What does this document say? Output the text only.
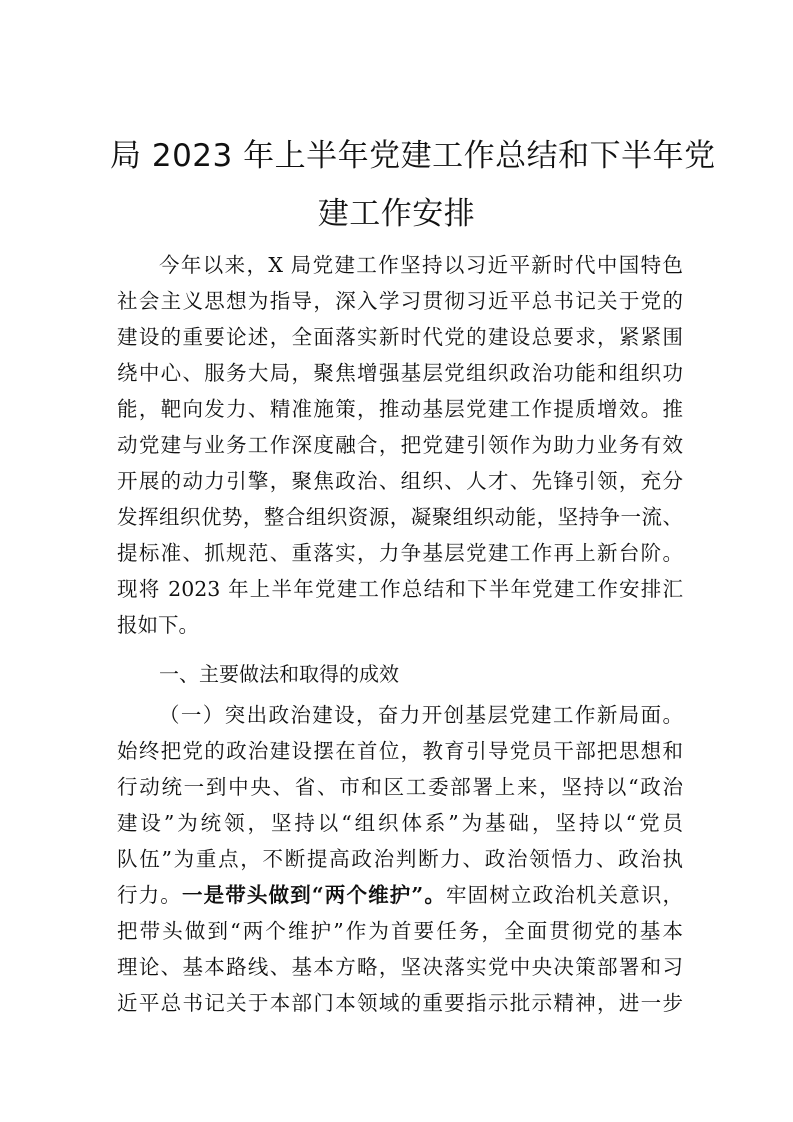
局 2023 年上半年党建工作总结和下半年党
建工作安排
今年以来，X 局党建工作坚持以习近平新时代中国特色
社会主义思想为指导，深入学习贯彻习近平总书记关于党的
建设的重要论述，全面落实新时代党的建设总要求，紧紧围
绕中心、服务大局，聚焦增强基层党组织政治功能和组织功
能，靶向发力、精准施策，推动基层党建工作提质增效。推
动党建与业务工作深度融合，把党建引领作为助力业务有效
开展的动力引擎，聚焦政治、组织、人才、先锋引领，充分
发挥组织优势，整合组织资源，凝聚组织动能，坚持争一流、
提标准、抓规范、重落实，力争基层党建工作再上新台阶。
现将 2023 年上半年党建工作总结和下半年党建工作安排汇
报如下。
一、主要做法和取得的成效
（一）突出政治建设，奋力开创基层党建工作新局面。
始终把党的政治建设摆在首位，教育引导党员干部把思想和
行动统一到中央、省、市和区工委部署上来，坚持以“政治
建设”为统领，坚持以“组织体系”为基础，坚持以“党员
队伍”为重点，不断提高政治判断力、政治领悟力、政治执
行力。一是带头做到“两个维护”。牢固树立政治机关意识，
把带头做到“两个维护”作为首要任务，全面贯彻党的基本
理论、基本路线、基本方略，坚决落实党中央决策部署和习
近平总书记关于本部门本领域的重要指示批示精神，进一步
